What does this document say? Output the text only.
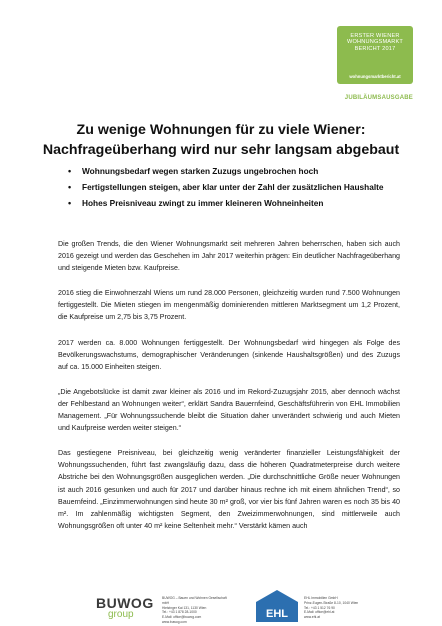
ERSTER WIENER
WOHNUNGSMARKT
BERICHT 2017
wohnungsmarktbericht.at
JUBILÄUMSAUSGABE
Zu wenige Wohnungen für zu viele Wiener:
Nachfrageüberhang wird nur sehr langsam abgebaut
• Wohnungsbedarf wegen starken Zuzugs ungebrochen hoch
• Fertigstellungen steigen, aber klar unter der Zahl der zusätzlichen Haushalte
• Hohes Preisniveau zwingt zu immer kleineren Wohneinheiten

Die großen Trends, die den Wiener Wohnungsmarkt seit mehreren Jahren beherrschen, haben sich auch 2016 gezeigt und werden das Geschehen im Jahr 2017 weiterhin prägen: Ein deutlicher Nachfrageüberhang und steigende Mieten bzw. Kaufpreise.

2016 stieg die Einwohnerzahl Wiens um rund 28.000 Personen, gleichzeitig wurden rund 7.500 Wohnungen fertiggestellt. Die Mieten stiegen im mengenmäßig dominierenden mittleren Marktsegment um 1,2 Prozent, die Kaufpreise um 2,75 bis 3,75 Prozent.

2017 werden ca. 8.000 Wohnungen fertiggestellt. Der Wohnungsbedarf wird hingegen als Folge des Bevölkerungswachstums, demographischer Veränderungen (sinkende Haushaltsgrößen) und des Zuzugs auf ca. 15.000 Einheiten steigen.

„Die Angebotslücke ist damit zwar kleiner als 2016 und im Rekord-Zuzugsjahr 2015, aber dennoch wächst der Fehlbestand an Wohnungen weiter“, erklärt Sandra Bauernfeind, Geschäftsführerin von EHL Immobilien Management. „Für Wohnungssuchende bleibt die Situation daher unverändert schwierig und auch Mieten und Kaufpreise werden weiter steigen.“

Das gestiegene Preisniveau, bei gleichzeitig wenig veränderter finanzieller Leistungsfähigkeit der Wohnungssuchenden, führt fast zwangsläufig dazu, dass die höheren Quadratmeterpreise durch weitere Abstriche bei den Wohnungsgrößen ausgeglichen werden. „Die durchschnittliche Größe neuer Wohnungen ist auch 2016 gesunken und auch für 2017 und darüber hinaus rechne ich mit einem ähnlichen Trend“, so Bauernfeind. „Einzimmerwohnungen sind heute 30 m² groß, vor vier bis fünf Jahren waren es noch 35 bis 40 m². Im zahlenmäßig wichtigsten Segment, den Zweizimmerwohnungen, sind mittlerweile auch Wohnungsgrößen oft unter 40 m² keine Seltenheit mehr.“ Verstärkt kämen auch

BUWOG
group
BUWOG – Bauen und Wohnen Gesellschaft mbH
Hietzinger Kai 131, 1130 Wien
Tel.: +43 1 878 28-1000
E-Mail: office@buwog.com
www.buwog.com
EHL
EHL Immobilien GmbH
Prinz-Eugen-Straße 8-10, 1040 Wien
Tel.: +43 1 512 76 90
E-Mail: office@ehl.at
www.ehl.at
